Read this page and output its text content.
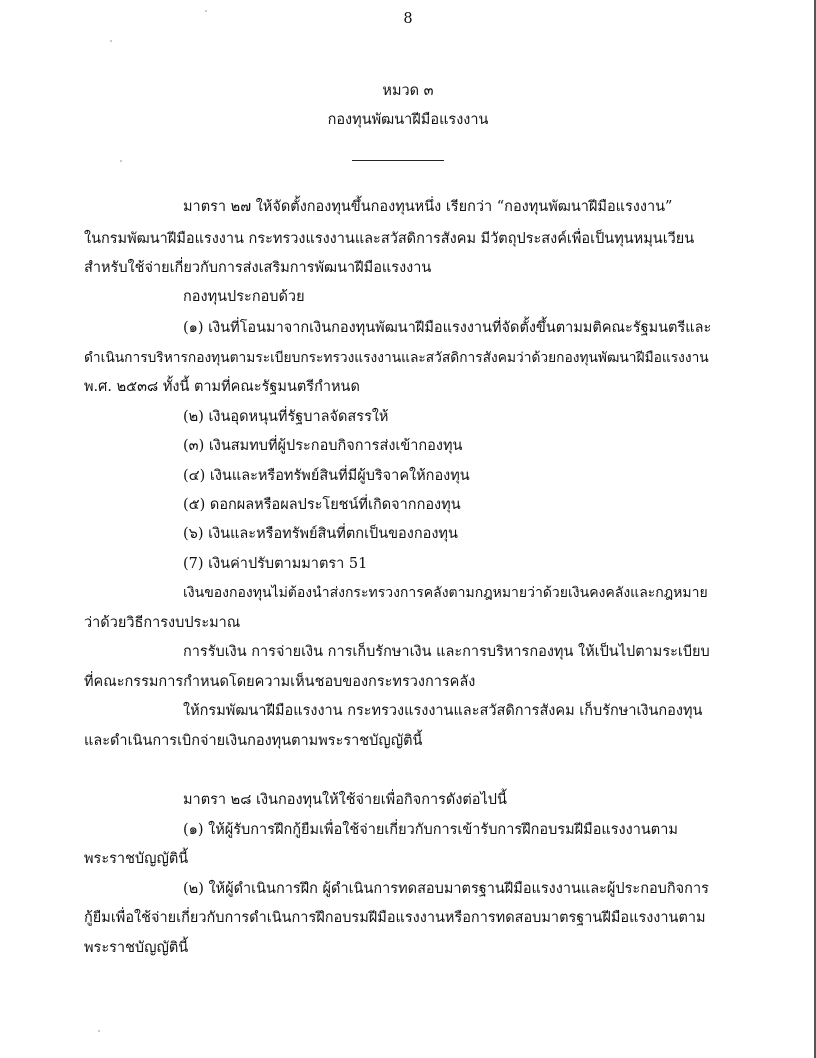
8
หมวด ๓
กองทุนพัฒนาฝีมือแรงงาน
มาตรา ๒๗ ให้จัดตั้งกองทุนขึ้นกองทุนหนึ่ง เรียกว่า “กองทุนพัฒนาฝีมือแรงงาน”
ในกรมพัฒนาฝีมือแรงงาน กระทรวงแรงงานและสวัสดิการสังคม มีวัตถุประสงค์เพื่อเป็นทุนหมุนเวียน
สำหรับใช้จ่ายเกี่ยวกับการส่งเสริมการพัฒนาฝีมือแรงงาน
กองทุนประกอบด้วย
(๑) เงินที่โอนมาจากเงินกองทุนพัฒนาฝีมือแรงงานที่จัดตั้งขึ้นตามมติคณะรัฐมนตรีและ
ดำเนินการบริหารกองทุนตามระเบียบกระทรวงแรงงานและสวัสดิการสังคมว่าด้วยกองทุนพัฒนาฝีมือแรงงาน
พ.ศ. ๒๕๓๘ ทั้งนี้ ตามที่คณะรัฐมนตรีกำหนด
(๒) เงินอุดหนุนที่รัฐบาลจัดสรรให้
(๓) เงินสมทบที่ผู้ประกอบกิจการส่งเข้ากองทุน
(๔) เงินและหรือทรัพย์สินที่มีผู้บริจาคให้กองทุน
(๕) ดอกผลหรือผลประโยชน์ที่เกิดจากกองทุน
(๖) เงินและหรือทรัพย์สินที่ตกเป็นของกองทุน
(7) เงินค่าปรับตามมาตรา 51
เงินของกองทุนไม่ต้องนำส่งกระทรวงการคลังตามกฎหมายว่าด้วยเงินคงคลังและกฎหมาย
ว่าด้วยวิธีการงบประมาณ
การรับเงิน การจ่ายเงิน การเก็บรักษาเงิน และการบริหารกองทุน ให้เป็นไปตามระเบียบ
ที่คณะกรรมการกำหนดโดยความเห็นชอบของกระทรวงการคลัง
ให้กรมพัฒนาฝีมือแรงงาน กระทรวงแรงงานและสวัสดิการสังคม เก็บรักษาเงินกองทุน
และดำเนินการเบิกจ่ายเงินกองทุนตามพระราชบัญญัตินี้
มาตรา ๒๘ เงินกองทุนให้ใช้จ่ายเพื่อกิจการดังต่อไปนี้
(๑) ให้ผู้รับการฝึกกู้ยืมเพื่อใช้จ่ายเกี่ยวกับการเข้ารับการฝึกอบรมฝีมือแรงงานตาม
พระราชบัญญัตินี้
(๒) ให้ผู้ดำเนินการฝึก ผู้ดำเนินการทดสอบมาตรฐานฝีมือแรงงานและผู้ประกอบกิจการ
กู้ยืมเพื่อใช้จ่ายเกี่ยวกับการดำเนินการฝึกอบรมฝีมือแรงงานหรือการทดสอบมาตรฐานฝีมือแรงงานตาม
พระราชบัญญัตินี้
